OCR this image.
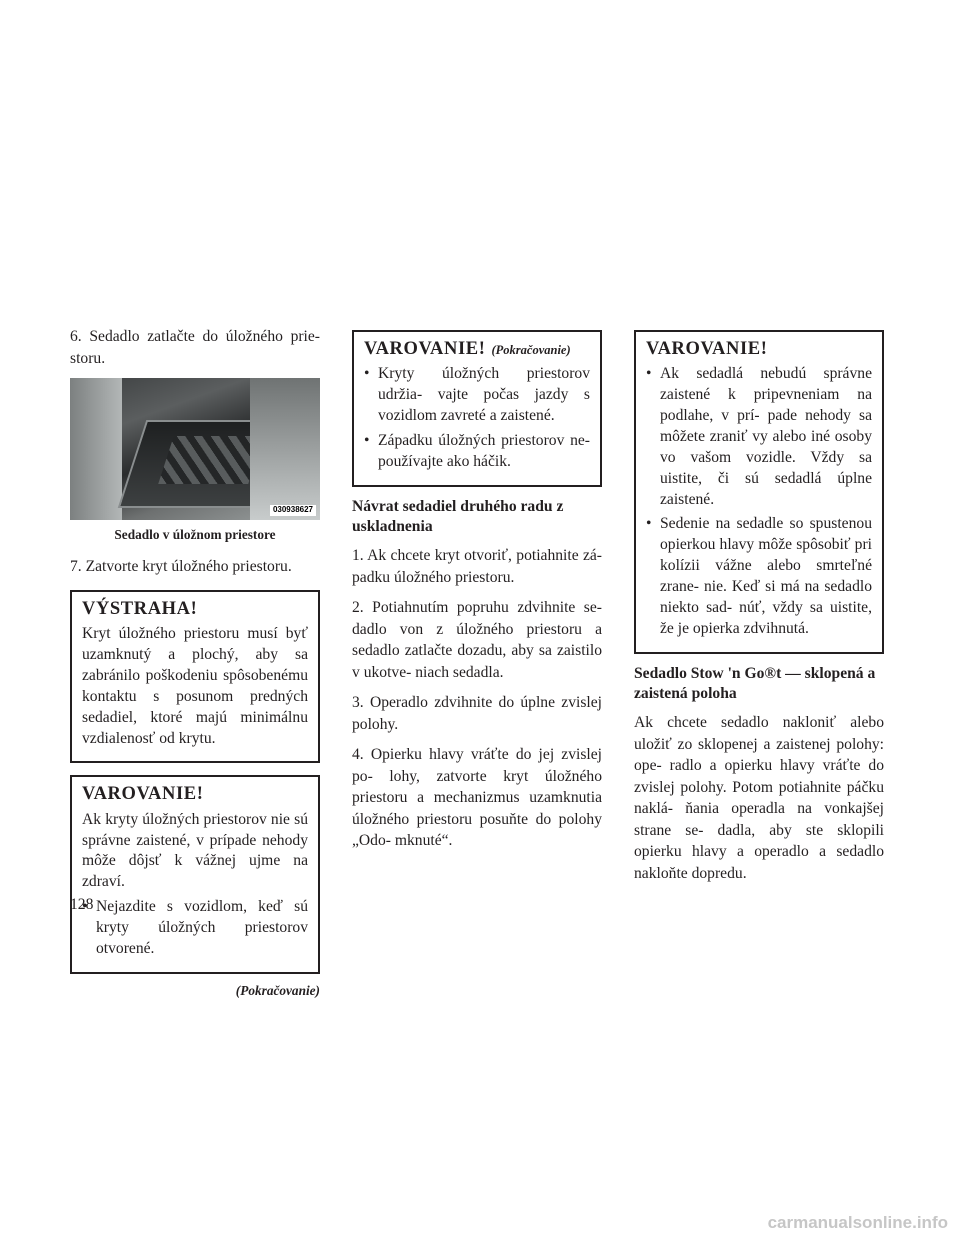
6. Sedadlo zatlačte do úložného prie- storu.

030938627
Sedadlo v úložnom priestore

7. Zatvorte kryt úložného priestoru.

VÝSTRAHA!

Kryt úložného priestoru musí byť uzamknutý a plochý, aby sa zabránilo poškodeniu spôsobenému kontaktu s posunom predných sedadiel, ktoré majú minimálnu vzdialenosť od krytu.

VAROVANIE!

Ak kryty úložných priestorov nie sú správne zaistené, v prípade nehody môže dôjsť k vážnej ujme na zdraví.

• Nejazdite s vozidlom, keď sú kryty úložných priestorov otvorené.
(Pokračovanie)
VAROVANIE! (Pokračovanie)
• Kryty úložných priestorov udržia- vajte počas jazdy s vozidlom zavreté a zaistené.
• Západku úložných priestorov ne- používajte ako háčik.
Návrat sedadiel druhého radu z uskladnenia

1. Ak chcete kryt otvoriť, potiahnite zá- padku úložného priestoru.

2. Potiahnutím popruhu zdvihnite se- dadlo von z úložného priestoru a sedadlo zatlačte dozadu, aby sa zaistilo v ukotve- niach sedadla.

3. Operadlo zdvihnite do úplne zvislej polohy.

4. Opierku hlavy vráťte do jej zvislej po- lohy, zatvorte kryt úložného priestoru a mechanizmus uzamknutia úložného priestoru posuňte do polohy „Odo- mknuté“.

VAROVANIE!
• Ak sedadlá nebudú správne zaistené k pripevneniam na podlahe, v prí- pade nehody sa môžete zraniť vy alebo iné osoby vo vašom vozidle. Vždy sa uistite, či sú sedadlá úplne zaistené.
• Sedenie na sedadle so spustenou opierkou hlavy môže spôsobiť pri kolízii vážne alebo smrteľné zrane- nie. Keď si má na sedadlo niekto sad- núť, vždy sa uistite, že je opierka zdvihnutá.
Sedadlo Stow 'n Go®t — sklopená a zaistená poloha

Ak chcete sedadlo nakloniť alebo uložiť zo sklopenej a zaistenej polohy: ope- radlo a opierku hlavy vráťte do zvislej polohy. Potom potiahnite páčku naklá- ňania operadla na vonkajšej strane se- dadla, aby ste sklopili opierku hlavy a operadlo a sedadlo nakloňte dopredu.

128
carmanualsonline.info
